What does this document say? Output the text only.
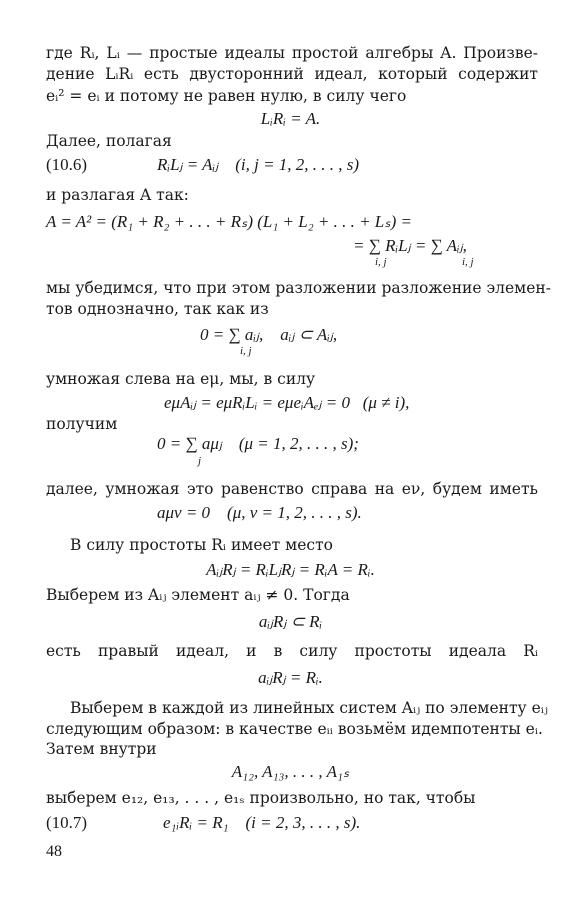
где Rᵢ, Lᵢ — простые идеалы простой алгебры A. Произве-
дение LᵢRᵢ есть двусторонний идеал, который содержит
eᵢ² = eᵢ и потому не равен нулю, в силу чего
LᵢRᵢ = A.
Далее, полагая
(10.6)	RᵢLⱼ = Aᵢⱼ    (i, j = 1, 2, . . . , s)
и разлагая A так:
A = A² = (R₁ + R₂ + . . . + Rₛ) (L₁ + L₂ + . . . + Lₛ) =
= ∑ RᵢLⱼ = ∑ Aᵢⱼ,
i, j	i, j
мы убедимся, что при этом разложении разложение элемен-
тов однозначно, так как из
0 = ∑ aᵢⱼ,    aᵢⱼ ⊂ Aᵢⱼ,
i, j
умножая слева на eμ, мы, в силу
eμAᵢⱼ = eμRᵢLᵢ = eμeᵢAₑⱼ = 0   (μ ≠ i),
получим
0 = ∑ aμⱼ    (μ = 1, 2, . . . , s);
j
далее, умножая это равенство справа на eν, будем иметь
aμν = 0    (μ, ν = 1, 2, . . . , s).
В силу простоты Rᵢ имеет место
AᵢⱼRⱼ = RᵢLⱼRⱼ = RᵢA = Rᵢ.
Выберем из Aᵢⱼ элемент aᵢⱼ ≠ 0. Тогда
aᵢⱼRⱼ ⊂ Rᵢ
есть правый идеал, и в силу простоты идеала Rᵢ
aᵢⱼRⱼ = Rᵢ.
Выберем в каждой из линейных систем Aᵢⱼ по элементу eᵢⱼ
следующим образом: в качестве eᵢᵢ возьмём идемпотенты eᵢ.
Затем внутри
A₁₂, A₁₃, . . . , A₁ₛ
выберем e₁₂, e₁₃, . . . , e₁ₛ произвольно, но так, чтобы
(10.7)	e₁ᵢRᵢ = R₁    (i = 2, 3, . . . , s).
48
